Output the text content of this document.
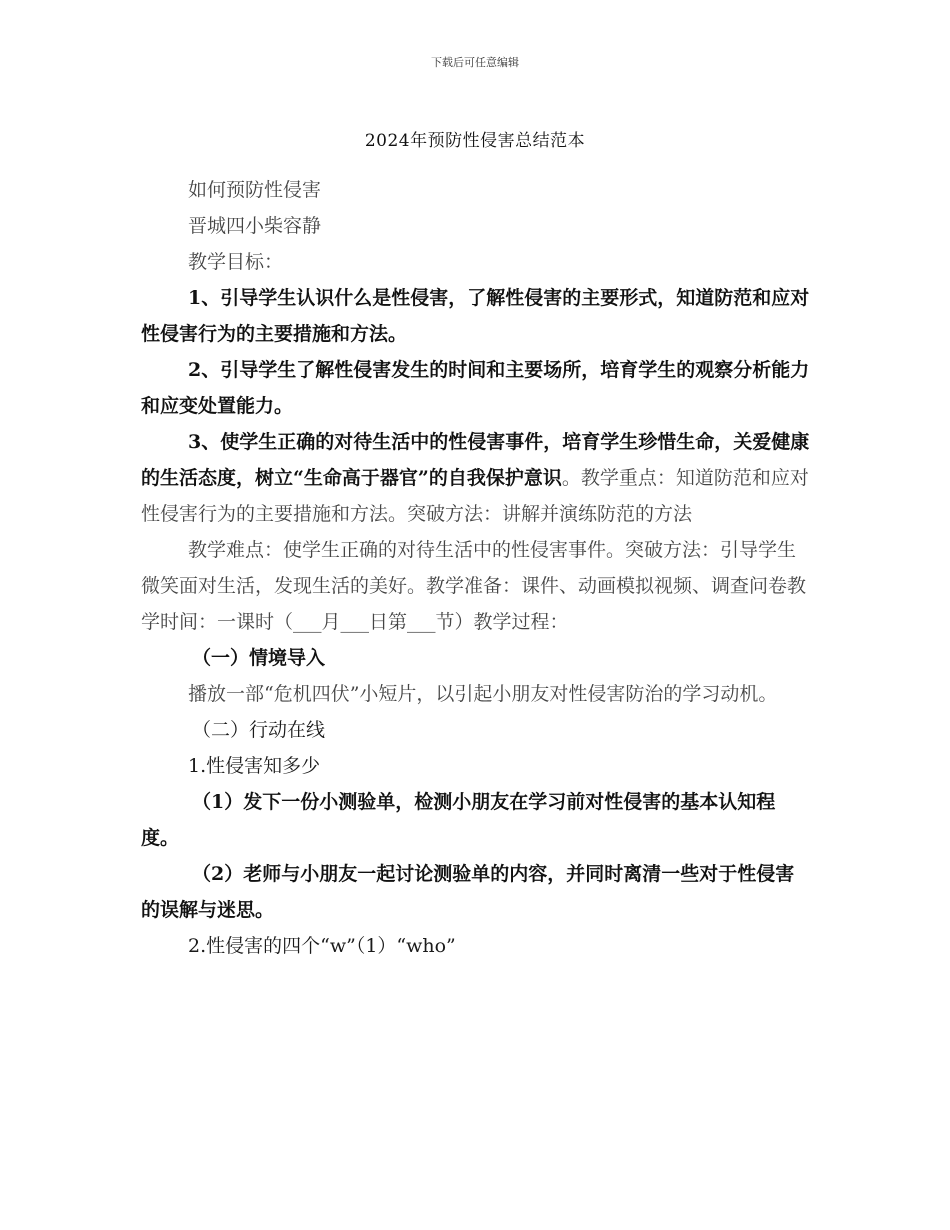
下载后可任意编辑
2024年预防性侵害总结范本

如何预防性侵害

晋城四小柴容静

教学目标：

1、引导学生认识什么是性侵害，了解性侵害的主要形式，知道防范和应对性侵害行为的主要措施和方法。

2、引导学生了解性侵害发生的时间和主要场所，培育学生的观察分析能力和应变处置能力。

3、使学生正确的对待生活中的性侵害事件，培育学生珍惜生命，关爱健康的生活态度，树立“生命高于器官”的自我保护意识。教学重点：知道防范和应对性侵害行为的主要措施和方法。突破方法：讲解并演练防范的方法

教学难点：使学生正确的对待生活中的性侵害事件。突破方法：引导学生微笑面对生活，发现生活的美好。教学准备：课件、动画模拟视频、调查问卷教学时间：一课时（___月___日第___节）教学过程：

（一）情境导入

播放一部“危机四伏”小短片，以引起小朋友对性侵害防治的学习动机。

（二）行动在线

1.性侵害知多少

（1）发下一份小测验单，检测小朋友在学习前对性侵害的基本认知程度。

（2）老师与小朋友一起讨论测验单的内容，并同时离清一些对于性侵害的误解与迷思。

2.性侵害的四个“w”（1）“who”
